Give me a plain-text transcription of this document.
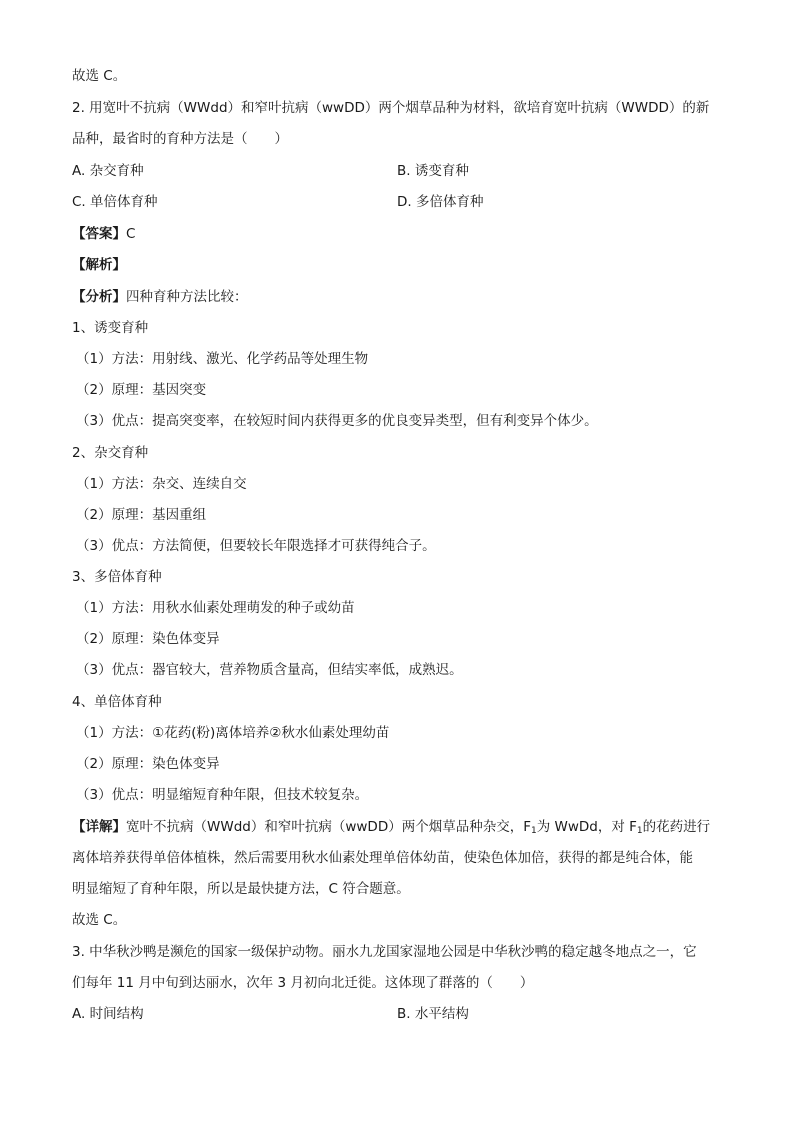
故选 C。
2. 用宽叶不抗病（WWdd）和窄叶抗病（wwDD）两个烟草品种为材料，欲培育宽叶抗病（WWDD）的新
品种，最省时的育种方法是（　　）
A. 杂交育种	B. 诱变育种
C. 单倍体育种	D. 多倍体育种
【答案】C
【解析】
【分析】四种育种方法比较：
1、诱变育种
（1）方法：用射线、激光、化学药品等处理生物
（2）原理：基因突变
（3）优点：提高突变率，在较短时间内获得更多的优良变异类型，但有利变异个体少。
2、杂交育种
（1）方法：杂交、连续自交
（2）原理：基因重组
（3）优点：方法简便，但要较长年限选择才可获得纯合子。
3、多倍体育种
（1）方法：用秋水仙素处理萌发的种子或幼苗
（2）原理：染色体变异
（3）优点：器官较大，营养物质含量高，但结实率低，成熟迟。
4、单倍体育种
（1）方法：①花药(粉)离体培养②秋水仙素处理幼苗
（2）原理：染色体变异
（3）优点：明显缩短育种年限，但技术较复杂。
【详解】宽叶不抗病（WWdd）和窄叶抗病（wwDD）两个烟草品种杂交，$F_1$为 WwDd，对 $F_1$的花药进行
离体培养获得单倍体植株，然后需要用秋水仙素处理单倍体幼苗，使染色体加倍，获得的都是纯合体，能
明显缩短了育种年限，所以是最快捷方法，C 符合题意。
故选 C。
3. 中华秋沙鸭是濒危的国家一级保护动物。丽水九龙国家湿地公园是中华秋沙鸭的稳定越冬地点之一，它
们每年 11 月中旬到达丽水，次年 3 月初向北迁徙。这体现了群落的（　　）
A. 时间结构	B. 水平结构
